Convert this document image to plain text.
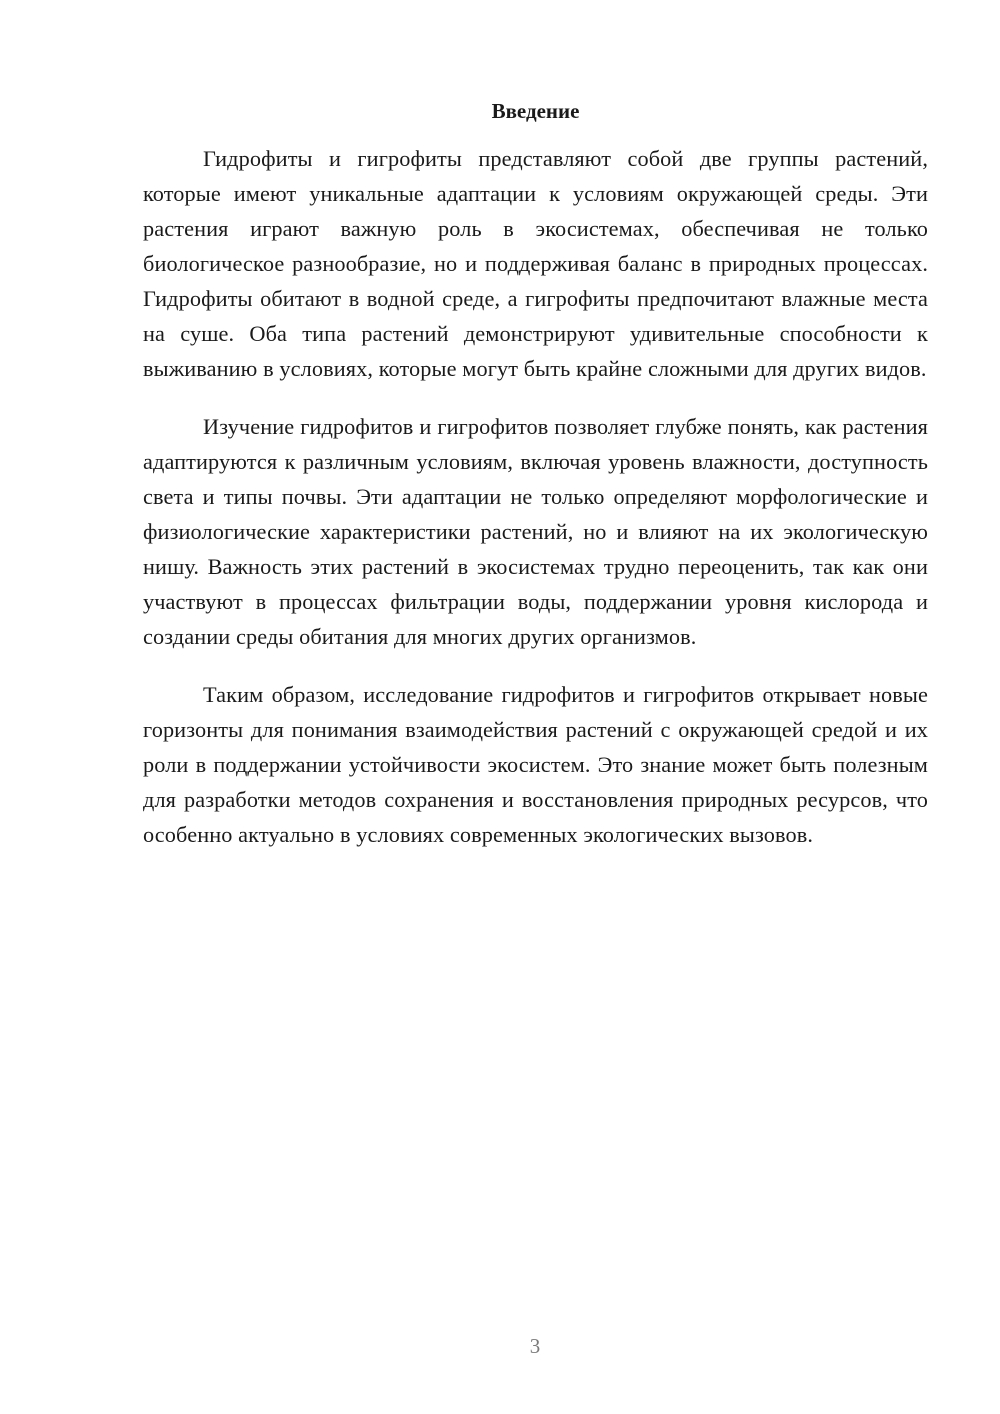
Введение

Гидрофиты и гигрофиты представляют собой две группы растений, которые имеют уникальные адаптации к условиям окружающей среды. Эти растения играют важную роль в экосистемах, обеспечивая не только биологическое разнообразие, но и поддерживая баланс в природных процессах. Гидрофиты обитают в водной среде, а гигрофиты предпочитают влажные места на суше. Оба типа растений демонстрируют удивительные способности к выживанию в условиях, которые могут быть крайне сложными для других видов.

Изучение гидрофитов и гигрофитов позволяет глубже понять, как растения адаптируются к различным условиям, включая уровень влажности, доступность света и типы почвы. Эти адаптации не только определяют морфологические и физиологические характеристики растений, но и влияют на их экологическую нишу. Важность этих растений в экосистемах трудно переоценить, так как они участвуют в процессах фильтрации воды, поддержании уровня кислорода и создании среды обитания для многих других организмов.

Таким образом, исследование гидрофитов и гигрофитов открывает новые горизонты для понимания взаимодействия растений с окружающей средой и их роли в поддержании устойчивости экосистем. Это знание может быть полезным для разработки методов сохранения и восстановления природных ресурсов, что особенно актуально в условиях современных экологических вызовов.

3
